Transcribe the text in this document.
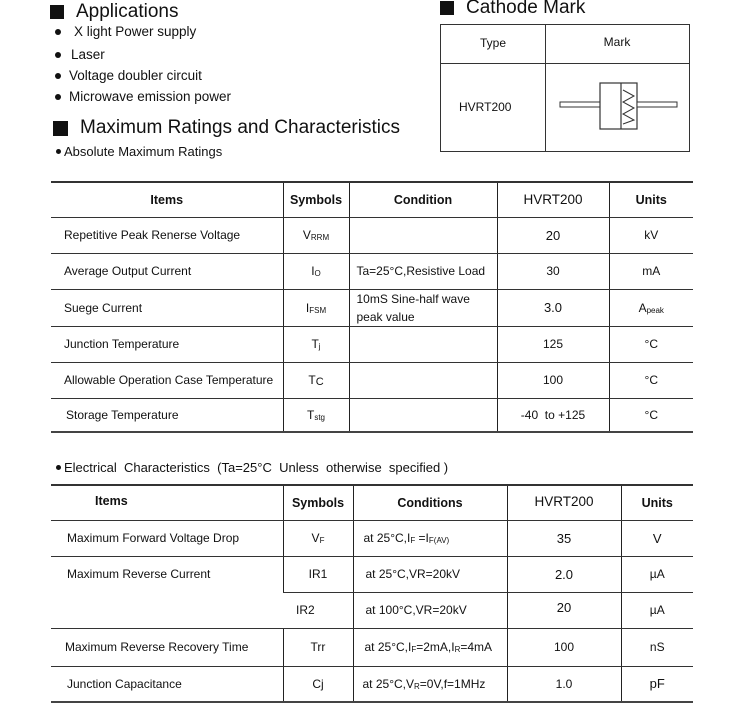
Applications
X light Power supply
Laser
Voltage doubler circuit
Microwave emission power
Cathode Mark
Type	Mark
HVRT200
Maximum Ratings and Characteristics
Absolute Maximum Ratings
Items	Symbols	Condition	HVRT200	Units
Repetitive Peak Renerse Voltage	$V_{RRM}$		20	kV
Average Output Current	$I_O$	Ta=25°C,Resistive Load	30	mA
Suege Current	$I_{FSM}$	10mS Sine-half wave peak value	3.0	$A_{peak}$
Junction Temperature	$T_j$		125	°C
Allowable Operation Case Temperature	$T_C$		100	°C
Storage Temperature	$T_{stg}$		-40  to +125	°C
Electrical  Characteristics  (Ta=25°C  Unless  otherwise  specified )
Items	Symbols	Conditions	HVRT200	Units
Maximum Forward Voltage Drop	$V_F$	at $25^\circ C,I_F =I_{F(AV)}$	35	V
Maximum Reverse Current	IR1	at 25°C,VR=20kV	2.0	µA
	IR2	at 100°C,VR=20kV	20	µA
Maximum Reverse Recovery Time	Trr	at $25^\circ C,I_F=2mA,I_R=4mA$	100	nS
Junction Capacitance	Cj	at $25^\circ C,V_R=0V,f=1MHz$	1.0	pF
